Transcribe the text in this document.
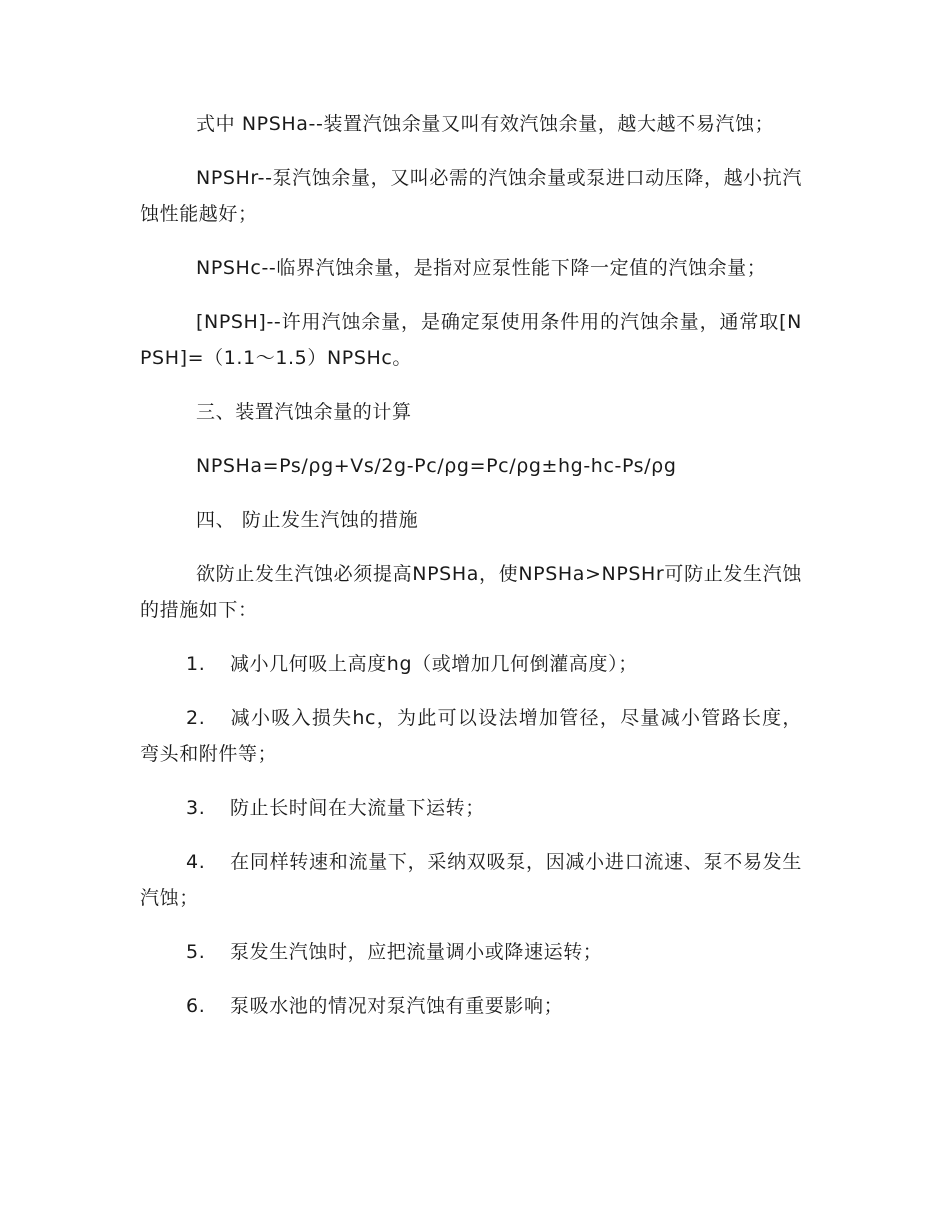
式中 NPSHa--装置汽蚀余量又叫有效汽蚀余量，越大越不易汽蚀；

NPSHr--泵汽蚀余量，又叫必需的汽蚀余量或泵进口动压降，越小抗汽蚀性能越好；

NPSHc--临界汽蚀余量，是指对应泵性能下降一定值的汽蚀余量；

[NPSH]--许用汽蚀余量，是确定泵使用条件用的汽蚀余量，通常取[NPSH]=（1.1～1.5）NPSHc。

三、装置汽蚀余量的计算

NPSHa=Ps/ρg+Vs/2g-Pc/ρg=Pc/ρg±hg-hc-Ps/ρg

四、 防止发生汽蚀的措施

欲防止发生汽蚀必须提高NPSHa，使NPSHa>NPSHr可防止发生汽蚀的措施如下：

1. 减小几何吸上高度hg（或增加几何倒灌高度）；

2. 减小吸入损失hc，为此可以设法增加管径，尽量减小管路长度，弯头和附件等；

3. 防止长时间在大流量下运转；

4. 在同样转速和流量下，采纳双吸泵，因减小进口流速、泵不易发生汽蚀；

5. 泵发生汽蚀时，应把流量调小或降速运转；

6. 泵吸水池的情况对泵汽蚀有重要影响；
